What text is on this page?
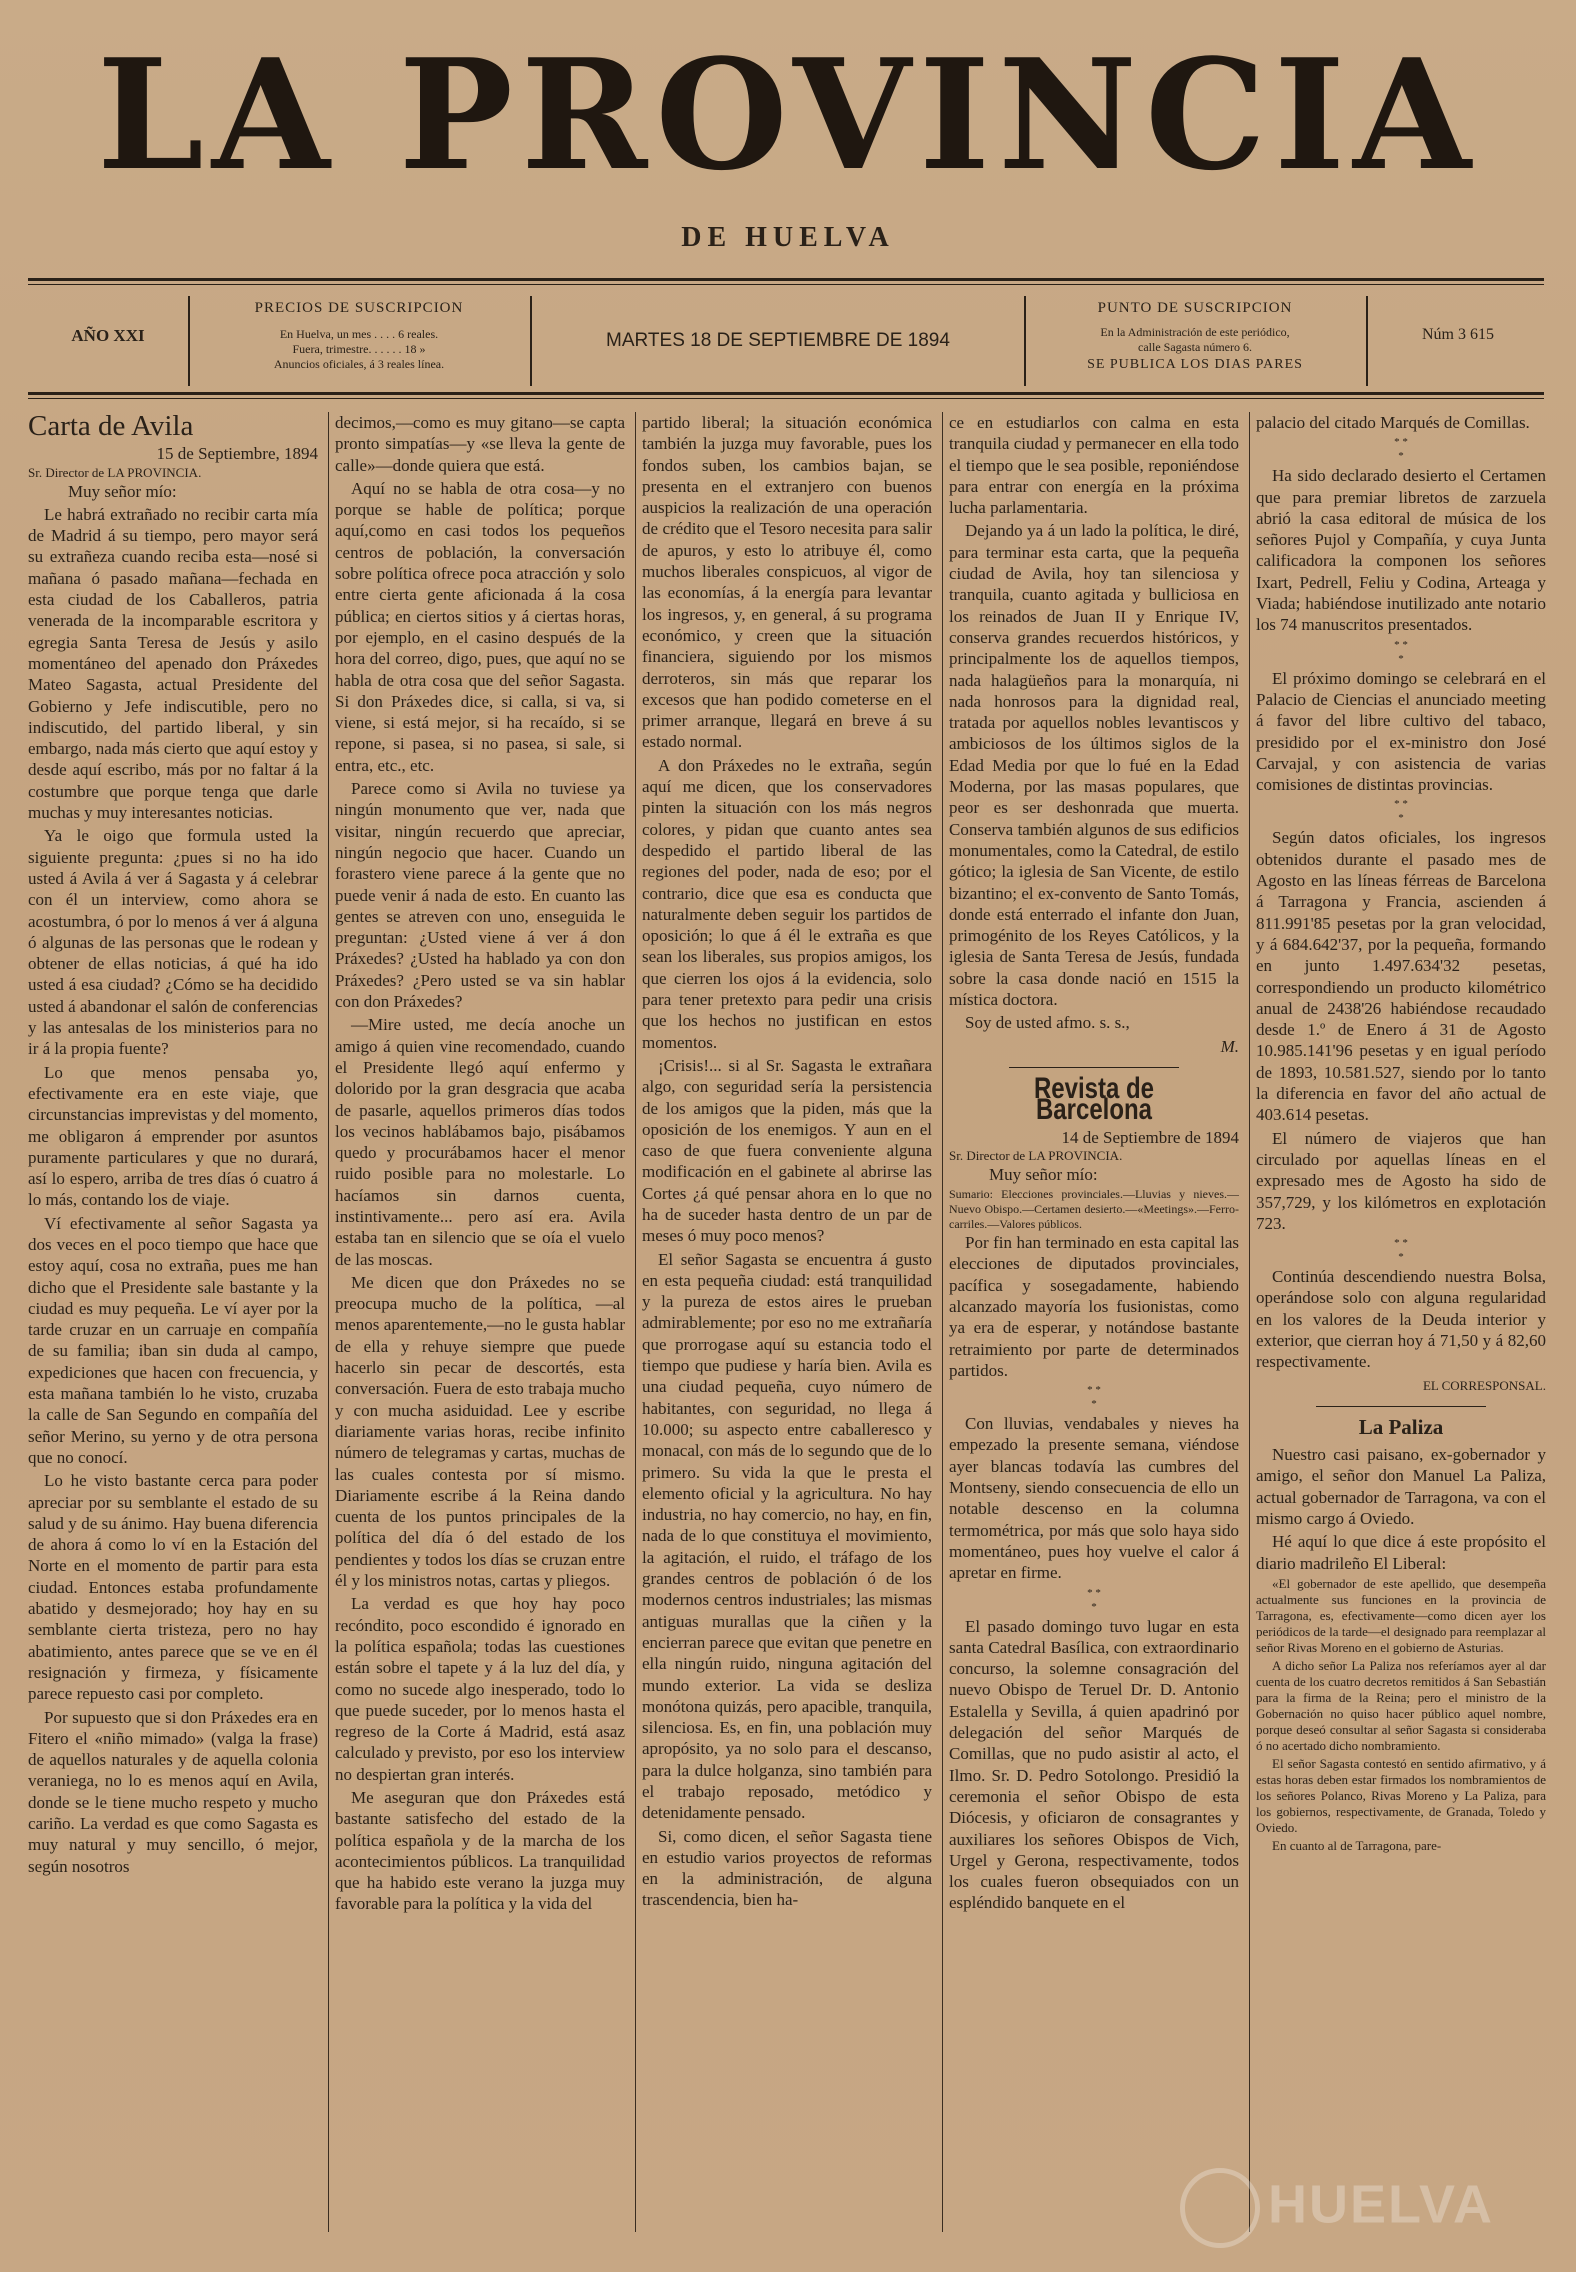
LA PROVINCIA
DE HUELVA
AÑO XXI
PRECIOS DE SUSCRIPCION
En Huelva, un mes . . . . 6 reales.
Fuera, trimestre. . . . . . 18 »
Anuncios oficiales, á 3 reales línea.
MARTES 18 DE SEPTIEMBRE DE 1894
PUNTO DE SUSCRIPCION
En la Administración de este periódico,
calle Sagasta número 6.
SE PUBLICA LOS DIAS PARES
Núm 3 615
Carta de Avila
15 de Septiembre, 1894
Sr. Director de LA PROVINCIA.

Muy señor mío:

Le habrá extrañado no recibir carta mía de Madrid á su tiempo, pero mayor será su extrañeza cuando reciba esta—nosé si mañana ó pasado mañana—fechada en esta ciudad de los Caballeros, patria venerada de la incomparable escritora y egregia Santa Teresa de Jesús y asilo momentáneo del apenado don Práxedes Mateo Sagasta, actual Presidente del Gobierno y Jefe indiscutible, pero no indiscutido, del partido liberal, y sin embargo, nada más cierto que aquí estoy y desde aquí escribo, más por no faltar á la costumbre que porque tenga que darle muchas y muy interesantes noticias.

Ya le oigo que formula usted la siguiente pregunta: ¿pues si no ha ido usted á Avila á ver á Sagasta y á celebrar con él un interview, como ahora se acostumbra, ó por lo menos á ver á alguna ó algunas de las personas que le rodean y obtener de ellas noticias, á qué ha ido usted á esa ciudad? ¿Cómo se ha decidido usted á abandonar el salón de conferencias y las antesalas de los ministerios para no ir á la propia fuente?

Lo que menos pensaba yo, efectivamente era en este viaje, que circunstancias imprevistas y del momento, me obligaron á emprender por asuntos puramente particulares y que no durará, así lo espero, arriba de tres días ó cuatro á lo más, contando los de viaje.

Ví efectivamente al señor Sagasta ya dos veces en el poco tiempo que hace que estoy aquí, cosa no extraña, pues me han dicho que el Presidente sale bastante y la ciudad es muy pequeña. Le ví ayer por la tarde cruzar en un carruaje en compañía de su familia; iban sin duda al campo, expediciones que hacen con frecuencia, y esta mañana también lo he visto, cruzaba la calle de San Segundo en compañía del señor Merino, su yerno y de otra persona que no conocí.

Lo he visto bastante cerca para poder apreciar por su semblante el estado de su salud y de su ánimo. Hay buena diferencia de ahora á como lo ví en la Estación del Norte en el momento de partir para esta ciudad. Entonces estaba profundamente abatido y desmejorado; hoy hay en su semblante cierta tristeza, pero no hay abatimiento, antes parece que se ve en él resignación y firmeza, y físicamente parece repuesto casi por completo.

Por supuesto que si don Práxedes era en Fitero el «niño mimado» (valga la frase) de aquellos naturales y de aquella colonia veraniega, no lo es menos aquí en Avila, donde se le tiene mucho respeto y mucho cariño. La verdad es que como Sagasta es muy natural y muy sencillo, ó mejor, según nosotros

decimos,—como es muy gitano—se capta pronto simpatías—y «se lleva la gente de calle»—donde quiera que está.

Aquí no se habla de otra cosa—y no porque se hable de política; porque aquí,como en casi todos los pequeños centros de población, la conversación sobre política ofrece poca atracción y solo entre cierta gente aficionada á la cosa pública; en ciertos sitios y á ciertas horas, por ejemplo, en el casino después de la hora del correo, digo, pues, que aquí no se habla de otra cosa que del señor Sagasta. Si don Práxedes dice, si calla, si va, si viene, si está mejor, si ha recaído, si se repone, si pasea, si no pasea, si sale, si entra, etc., etc.

Parece como si Avila no tuviese ya ningún monumento que ver, nada que visitar, ningún recuerdo que apreciar, ningún negocio que hacer. Cuando un forastero viene parece á la gente que no puede venir á nada de esto. En cuanto las gentes se atreven con uno, enseguida le preguntan: ¿Usted viene á ver á don Práxedes? ¿Usted ha hablado ya con don Práxedes? ¿Pero usted se va sin hablar con don Práxedes?

—Mire usted, me decía anoche un amigo á quien vine recomendado, cuando el Presidente llegó aquí enfermo y dolorido por la gran desgracia que acaba de pasarle, aquellos primeros días todos los vecinos hablábamos bajo, pisábamos quedo y procurábamos hacer el menor ruido posible para no molestarle. Lo hacíamos sin darnos cuenta, instintivamente... pero así era. Avila estaba tan en silencio que se oía el vuelo de las moscas.

Me dicen que don Práxedes no se preocupa mucho de la política, —al menos aparentemente,—no le gusta hablar de ella y rehuye siempre que puede hacerlo sin pecar de descortés, esta conversación. Fuera de esto trabaja mucho y con mucha asiduidad. Lee y escribe diariamente varias horas, recibe infinito número de telegramas y cartas, muchas de las cuales contesta por sí mismo. Diariamente escribe á la Reina dando cuenta de los puntos principales de la política del día ó del estado de los pendientes y todos los días se cruzan entre él y los ministros notas, cartas y pliegos.

La verdad es que hoy hay poco recóndito, poco escondido é ignorado en la política española; todas las cuestiones están sobre el tapete y á la luz del día, y como no sucede algo inesperado, todo lo que puede suceder, por lo menos hasta el regreso de la Corte á Madrid, está asaz calculado y previsto, por eso los interview no despiertan gran interés.

Me aseguran que don Práxedes está bastante satisfecho del estado de la política española y de la marcha de los acontecimientos públicos. La tranquilidad que ha habido este verano la juzga muy favorable para la política y la vida del

partido liberal; la situación económica también la juzga muy favorable, pues los fondos suben, los cambios bajan, se presenta en el extranjero con buenos auspicios la realización de una operación de crédito que el Tesoro necesita para salir de apuros, y esto lo atribuye él, como muchos liberales conspicuos, al vigor de las economías, á la energía para levantar los ingresos, y, en general, á su programa económico, y creen que la situación financiera, siguiendo por los mismos derroteros, sin más que reparar los excesos que han podido cometerse en el primer arranque, llegará en breve á su estado normal.

A don Práxedes no le extraña, según aquí me dicen, que los conservadores pinten la situación con los más negros colores, y pidan que cuanto antes sea despedido el partido liberal de las regiones del poder, nada de eso; por el contrario, dice que esa es conducta que naturalmente deben seguir los partidos de oposición; lo que á él le extraña es que sean los liberales, sus propios amigos, los que cierren los ojos á la evidencia, solo para tener pretexto para pedir una crisis que los hechos no justifican en estos momentos.

¡Crisis!... si al Sr. Sagasta le extrañara algo, con seguridad sería la persistencia de los amigos que la piden, más que la oposición de los enemigos. Y aun en el caso de que fuera conveniente alguna modificación en el gabinete al abrirse las Cortes ¿á qué pensar ahora en lo que no ha de suceder hasta dentro de un par de meses ó muy poco menos?

El señor Sagasta se encuentra á gusto en esta pequeña ciudad: está tranquilidad y la pureza de estos aires le prueban admirablemente; por eso no me extrañaría que prorrogase aquí su estancia todo el tiempo que pudiese y haría bien. Avila es una ciudad pequeña, cuyo número de habitantes, con seguridad, no llega á 10.000; su aspecto entre caballeresco y monacal, con más de lo segundo que de lo primero. Su vida la que le presta el elemento oficial y la agricultura. No hay industria, no hay comercio, no hay, en fin, nada de lo que constituya el movimiento, la agitación, el ruido, el tráfago de los grandes centros de población ó de los modernos centros industriales; las mismas antiguas murallas que la ciñen y la encierran parece que evitan que penetre en ella ningún ruido, ninguna agitación del mundo exterior. La vida se desliza monótona quizás, pero apacible, tranquila, silenciosa. Es, en fin, una población muy apropósito, ya no solo para el descanso, para la dulce holganza, sino también para el trabajo reposado, metódico y detenidamente pensado.

Si, como dicen, el señor Sagasta tiene en estudio varios proyectos de reformas en la administración, de alguna trascendencia, bien ha-

ce en estudiarlos con calma en esta tranquila ciudad y permanecer en ella todo el tiempo que le sea posible, reponiéndose para entrar con energía en la próxima lucha parlamentaria.

Dejando ya á un lado la política, le diré, para terminar esta carta, que la pequeña ciudad de Avila, hoy tan silenciosa y tranquila, cuanto agitada y bulliciosa en los reinados de Juan II y Enrique IV, conserva grandes recuerdos históricos, y principalmente los de aquellos tiempos, nada halagüeños para la monarquía, ni nada honrosos para la dignidad real, tratada por aquellos nobles levantiscos y ambiciosos de los últimos siglos de la Edad Media por que lo fué en la Edad Moderna, por las masas populares, que peor es ser deshonrada que muerta. Conserva también algunos de sus edificios monumentales, como la Catedral, de estilo gótico; la iglesia de San Vicente, de estilo bizantino; el ex-convento de Santo Tomás, donde está enterrado el infante don Juan, primogénito de los Reyes Católicos, y la iglesia de Santa Teresa de Jesús, fundada sobre la casa donde nació en 1515 la mística doctora.

Soy de usted afmo. s. s.,

M.
Revista de Barcelona
14 de Septiembre de 1894
Sr. Director de LA PROVINCIA.

Muy señor mío:

Sumario: Elecciones provinciales.—Lluvias y nieves.—Nuevo Obispo.—Certamen desierto.—«Meetings».—Ferro-carriles.—Valores públicos.

Por fin han terminado en esta capital las elecciones de diputados provinciales, pacífica y sosegadamente, habiendo alcanzado mayoría los fusionistas, como ya era de esperar, y notándose bastante retraimiento por parte de determinados partidos.

* *
*

Con lluvias, vendabales y nieves ha empezado la presente semana, viéndose ayer blancas todavía las cumbres del Montseny, siendo consecuencia de ello un notable descenso en la columna termométrica, por más que solo haya sido momentáneo, pues hoy vuelve el calor á apretar en firme.

* *
*

El pasado domingo tuvo lugar en esta santa Catedral Basílica, con extraordinario concurso, la solemne consagración del nuevo Obispo de Teruel Dr. D. Antonio Estalella y Sevilla, á quien apadrinó por delegación del señor Marqués de Comillas, que no pudo asistir al acto, el Ilmo. Sr. D. Pedro Sotolongo. Presidió la ceremonia el señor Obispo de esta Diócesis, y oficiaron de consagrantes y auxiliares los señores Obispos de Vich, Urgel y Gerona, respectivamente, todos los cuales fueron obsequiados con un espléndido banquete en el

palacio del citado Marqués de Comillas.

* *
*

Ha sido declarado desierto el Certamen que para premiar libretos de zarzuela abrió la casa editoral de música de los señores Pujol y Compañía, y cuya Junta calificadora la componen los señores Ixart, Pedrell, Feliu y Codina, Arteaga y Viada; habiéndose inutilizado ante notario los 74 manuscritos presentados.

* *
*

El próximo domingo se celebrará en el Palacio de Ciencias el anunciado meeting á favor del libre cultivo del tabaco, presidido por el ex-ministro don José Carvajal, y con asistencia de varias comisiones de distintas provincias.

* *
*

Según datos oficiales, los ingresos obtenidos durante el pasado mes de Agosto en las líneas férreas de Barcelona á Tarragona y Francia, ascienden á 811.991'85 pesetas por la gran velocidad, y á 684.642'37, por la pequeña, formando en junto 1.497.634'32 pesetas, correspondiendo un producto kilométrico anual de 2438'26 habiéndose recaudado desde 1.º de Enero á 31 de Agosto 10.985.141'96 pesetas y en igual período de 1893, 10.581.527, siendo por lo tanto la diferencia en favor del año actual de 403.614 pesetas.

El número de viajeros que han circulado por aquellas líneas en el expresado mes de Agosto ha sido de 357,729, y los kilómetros en explotación 723.

* *
*

Continúa descendiendo nuestra Bolsa, operándose solo con alguna regularidad en los valores de la Deuda interior y exterior, que cierran hoy á 71,50 y á 82,60 respectivamente.

EL CORRESPONSAL.
La Paliza

Nuestro casi paisano, ex-gobernador y amigo, el señor don Manuel La Paliza, actual gobernador de Tarragona, va con el mismo cargo á Oviedo.

Hé aquí lo que dice á este propósito el diario madrileño El Liberal:

«El gobernador de este apellido, que desempeña actualmente sus funciones en la provincia de Tarragona, es, efectivamente—como dicen ayer los periódicos de la tarde—el designado para reemplazar al señor Rivas Moreno en el gobierno de Asturias.

A dicho señor La Paliza nos referíamos ayer al dar cuenta de los cuatro decretos remitidos á San Sebastián para la firma de la Reina; pero el ministro de la Gobernación no quiso hacer público aquel nombre, porque deseó consultar al señor Sagasta si consideraba ó no acertado dicho nombramiento.

El señor Sagasta contestó en sentido afirmativo, y á estas horas deben estar firmados los nombramientos de los señores Polanco, Rivas Moreno y La Paliza, para los gobiernos, respectivamente, de Granada, Toledo y Oviedo.

En cuanto al de Tarragona, pare-

HUELVA
